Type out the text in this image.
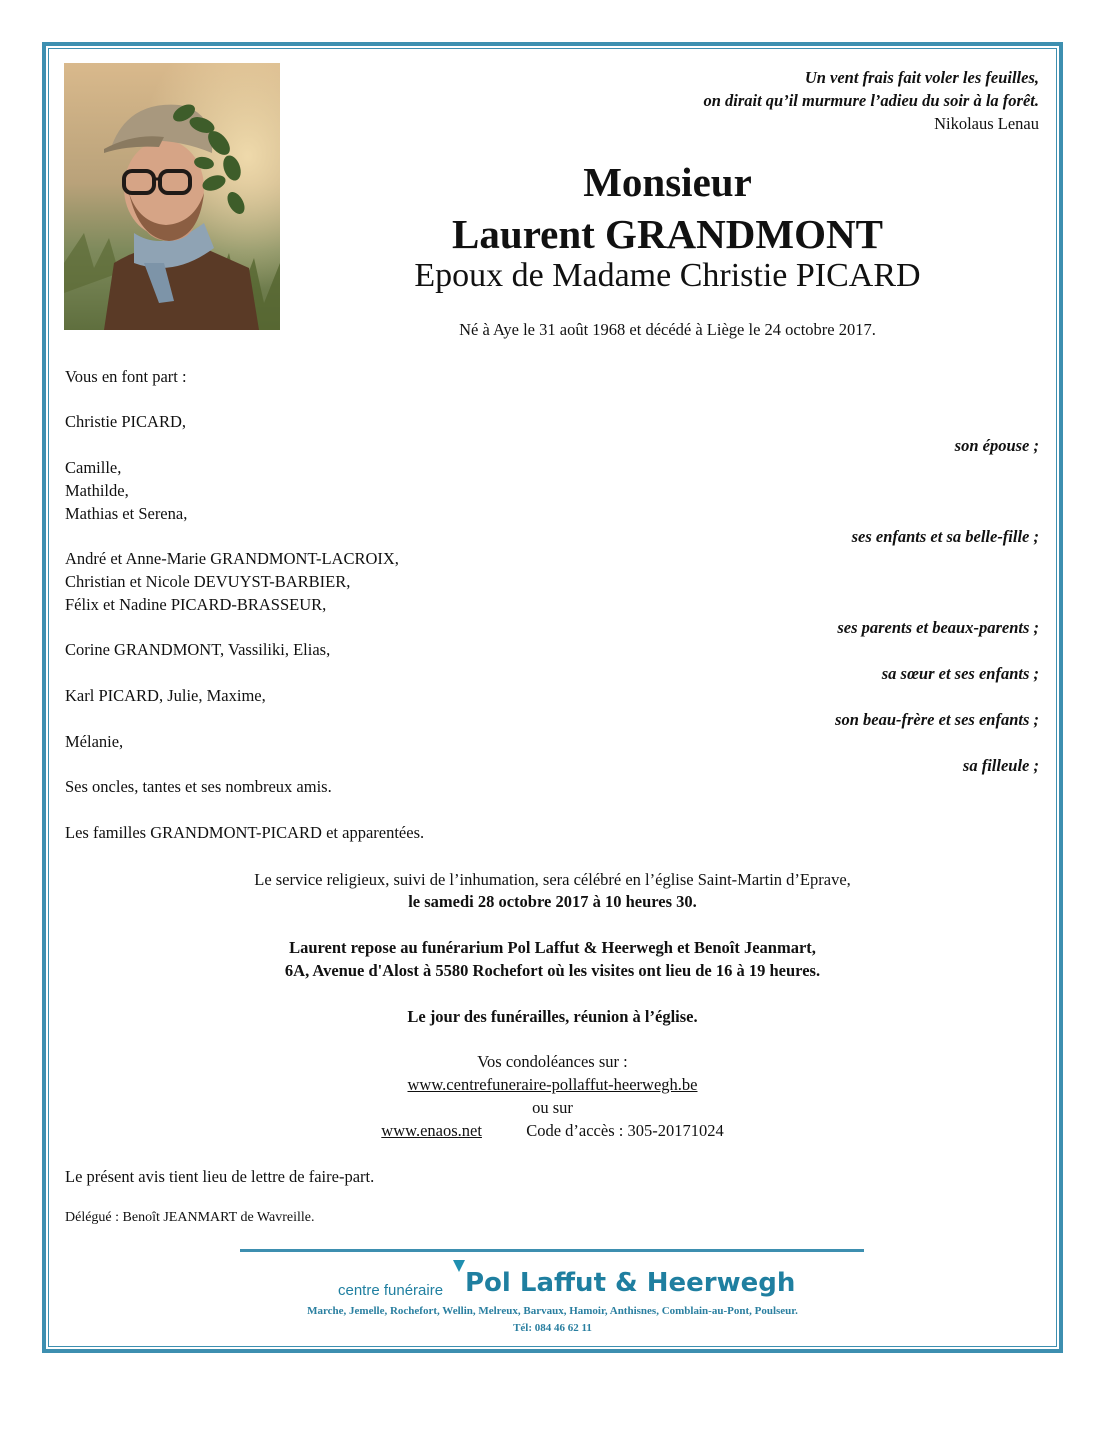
Un vent frais fait voler les feuilles,
on dirait qu’il murmure l’adieu du soir à la forêt.
Nikolaus Lenau
Monsieur
Laurent GRANDMONT
Epoux de Madame Christie PICARD
Né à Aye le 31 août 1968 et décédé à Liège le 24 octobre 2017.
Vous en font part :
Christie PICARD,
son épouse ;
Camille,
Mathilde,
Mathias et Serena,
ses enfants et sa belle-fille ;
André et Anne-Marie GRANDMONT-LACROIX,
Christian et Nicole DEVUYST-BARBIER,
Félix et Nadine PICARD-BRASSEUR,
ses parents et beaux-parents ;
Corine GRANDMONT, Vassiliki, Elias,
sa sœur et ses enfants ;
Karl PICARD, Julie, Maxime,
son beau-frère et ses enfants ;
Mélanie,
sa filleule ;
Ses oncles, tantes et ses nombreux amis.
Les familles GRANDMONT-PICARD et apparentées.
Le service religieux, suivi de l’inhumation, sera célébré en l’église Saint-Martin d’Eprave,
le samedi 28 octobre 2017 à 10 heures 30.
Laurent repose au funérarium Pol Laffut & Heerwegh et Benoît Jeanmart,
6A, Avenue d'Alost à 5580 Rochefort où les visites ont lieu de 16 à 19 heures.
Le jour des funérailles, réunion à l’église.
Vos condoléances sur :
www.centrefuneraire-pollaffut-heerwegh.be
ou sur
www.enaos.net	Code d’accès : 305-20171024
Le présent avis tient lieu de lettre de faire-part.
Délégué : Benoît JEANMART de Wavreille.
centre funéraire Pol Laffut & Heerwegh
Marche, Jemelle, Rochefort, Wellin, Melreux, Barvaux, Hamoir, Anthisnes, Comblain-au-Pont, Poulseur.
Tél: 084 46 62 11
